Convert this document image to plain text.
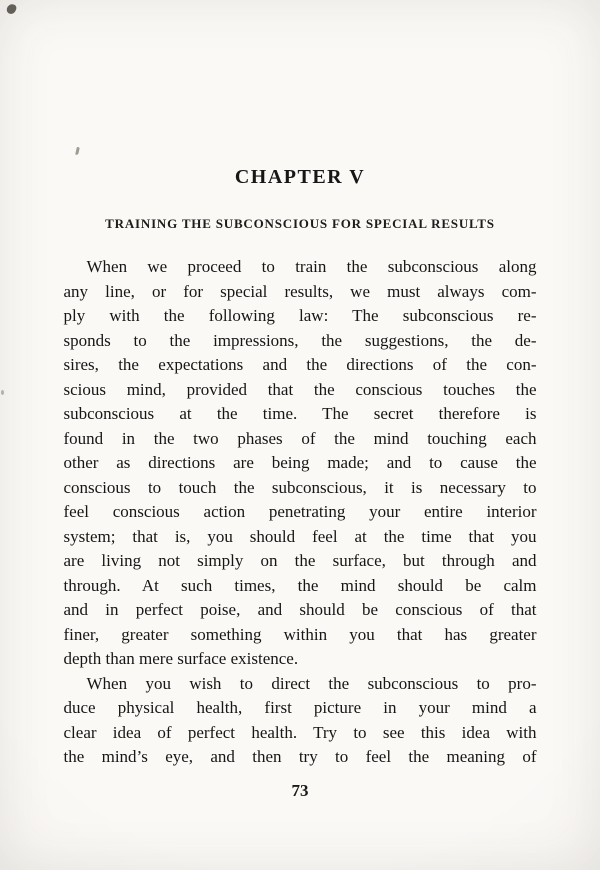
CHAPTER V
TRAINING THE SUBCONSCIOUS FOR SPECIAL RESULTS
When we proceed to train the subconscious along
any line, or for special results, we must always com-
ply with the following law: The subconscious re-
sponds to the impressions, the suggestions, the de-
sires, the expectations and the directions of the con-
scious mind, provided that the conscious touches the
subconscious at the time. The secret therefore is
found in the two phases of the mind touching each
other as directions are being made; and to cause the
conscious to touch the subconscious, it is necessary to
feel conscious action penetrating your entire interior
system; that is, you should feel at the time that you
are living not simply on the surface, but through and
through. At such times, the mind should be calm
and in perfect poise, and should be conscious of that
finer, greater something within you that has greater
depth than mere surface existence.
When you wish to direct the subconscious to pro-
duce physical health, first picture in your mind a
clear idea of perfect health. Try to see this idea with
the mind’s eye, and then try to feel the meaning of
73
